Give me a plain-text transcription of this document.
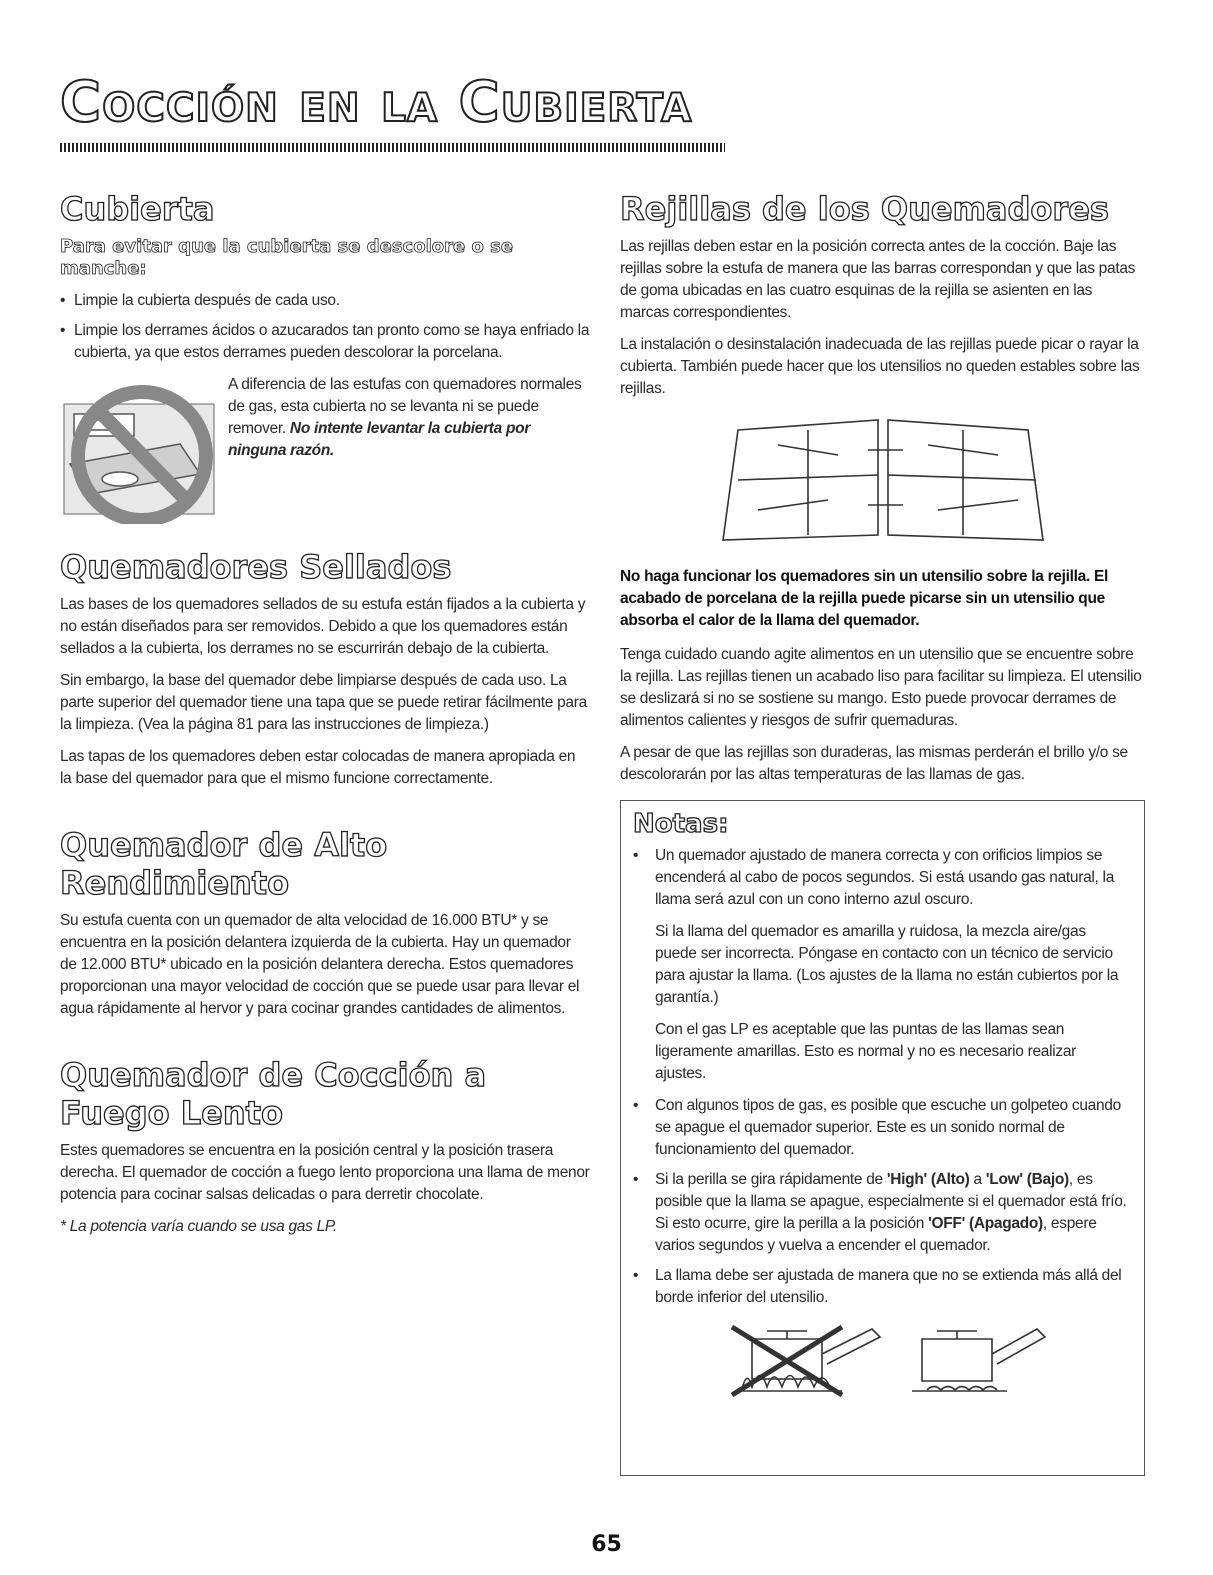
Cocción en la Cubierta
Cubierta
Para evitar que la cubierta se descolore o se manche:
• Limpie la cubierta después de cada uso.
• Limpie los derrames ácidos o azucarados tan pronto como se haya enfriado la cubierta, ya que estos derrames pueden descolorar la porcelana.

A diferencia de las estufas con quemadores normales de gas, esta cubierta no se levanta ni se puede remover. No intente levantar la cubierta por ninguna razón.

Quemadores Sellados

Las bases de los quemadores sellados de su estufa están fijados a la cubierta y no están diseñados para ser removidos. Debido a que los quemadores están sellados a la cubierta, los derrames no se escurrirán debajo de la cubierta.

Sin embargo, la base del quemador debe limpiarse después de cada uso. La parte superior del quemador tiene una tapa que se puede retirar fácilmente para la limpieza. (Vea la página 81 para las instrucciones de limpieza.)

Las tapas de los quemadores deben estar colocadas de manera apropiada en la base del quemador para que el mismo funcione correctamente.

Quemador de Alto Rendimiento

Su estufa cuenta con un quemador de alta velocidad de 16.000 BTU* y se encuentra en la posición delantera izquierda de la cubierta. Hay un quemador de 12.000 BTU* ubicado en la posición delantera derecha. Estos quemadores proporcionan una mayor velocidad de cocción que se puede usar para llevar el agua rápidamente al hervor y para cocinar grandes cantidades de alimentos.

Quemador de Cocción a Fuego Lento

Estes quemadores se encuentra en la posición central y la posición trasera derecha. El quemador de cocción a fuego lento proporciona una llama de menor potencia para cocinar salsas delicadas o para derretir chocolate.

* La potencia varía cuando se usa gas LP.

Rejillas de los Quemadores

Las rejillas deben estar en la posición correcta antes de la cocción. Baje las rejillas sobre la estufa de manera que las barras correspondan y que las patas de goma ubicadas en las cuatro esquinas de la rejilla se asienten en las marcas correspondientes.

La instalación o desinstalación inadecuada de las rejillas puede picar o rayar la cubierta. También puede hacer que los utensilios no queden estables sobre las rejillas.

No haga funcionar los quemadores sin un utensilio sobre la rejilla. El acabado de porcelana de la rejilla puede picarse sin un utensilio que absorba el calor de la llama del quemador.

Tenga cuidado cuando agite alimentos en un utensilio que se encuentre sobre la rejilla. Las rejillas tienen un acabado liso para facilitar su limpieza. El utensilio se deslizará si no se sostiene su mango. Esto puede provocar derrames de alimentos calientes y riesgos de sufrir quemaduras.

A pesar de que las rejillas son duraderas, las mismas perderán el brillo y/o se descolorarán por las altas temperaturas de las llamas de gas.

Notas:
• Un quemador ajustado de manera correcta y con orificios limpios se encenderá al cabo de pocos segundos. Si está usando gas natural, la llama será azul con un cono interno azul oscuro.

Si la llama del quemador es amarilla y ruidosa, la mezcla aire/gas puede ser incorrecta. Póngase en contacto con un técnico de servicio para ajustar la llama. (Los ajustes de la llama no están cubiertos por la garantía.)

Con el gas LP es aceptable que las puntas de las llamas sean ligeramente amarillas. Esto es normal y no es necesario realizar ajustes.

• Con algunos tipos de gas, es posible que escuche un golpeteo cuando se apague el quemador superior. Este es un sonido normal de funcionamiento del quemador.
• Si la perilla se gira rápidamente de 'High' (Alto) a 'Low' (Bajo), es posible que la llama se apague, especialmente si el quemador está frío. Si esto ocurre, gire la perilla a la posición 'OFF' (Apagado), espere varios segundos y vuelva a encender el quemador.
• La llama debe ser ajustada de manera que no se extienda más allá del borde inferior del utensilio.
65
